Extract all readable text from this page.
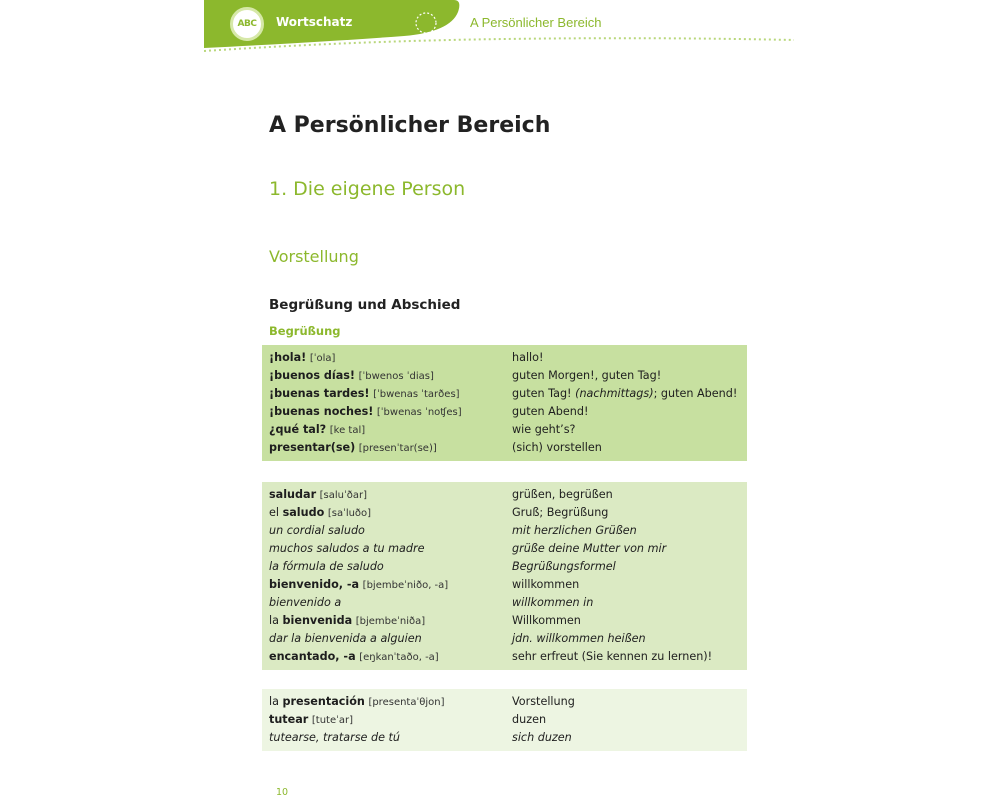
ABC	Wortschatz	A Persönlicher Bereich
A Persönlicher Bereich
1. Die eigene Person
Vorstellung
Begrüßung und Abschied
Begrüßung
¡hola! [ˈola]	hallo!
¡buenos días! [ˈbwenos ˈdias]	guten Morgen!, guten Tag!
¡buenas tardes! [ˈbwenas ˈtarðes]	guten Tag! (nachmittags); guten Abend!
¡buenas noches! [ˈbwenas ˈnoʧes]	guten Abend!
¿qué tal? [ke tal]	wie geht’s?
presentar(se) [presenˈtar(se)]	(sich) vorstellen
saludar [saluˈðar]	grüßen, begrüßen
el saludo [saˈluðo]	Gruß; Begrüßung
un cordial saludo	mit herzlichen Grüßen
muchos saludos a tu madre	grüße deine Mutter von mir
la fórmula de saludo	Begrüßungsformel
bienvenido, -a [bjembeˈniðo, -a]	willkommen
bienvenido a	willkommen in
la bienvenida [bjembeˈniða]	Willkommen
dar la bienvenida a alguien	jdn. willkommen heißen
encantado, -a [eŋkanˈtaðo, -a]	sehr erfreut (Sie kennen zu lernen)!
la presentación [presentaˈθjon]	Vorstellung
tutear [tuteˈar]	duzen
tutearse, tratarse de tú	sich duzen
10
